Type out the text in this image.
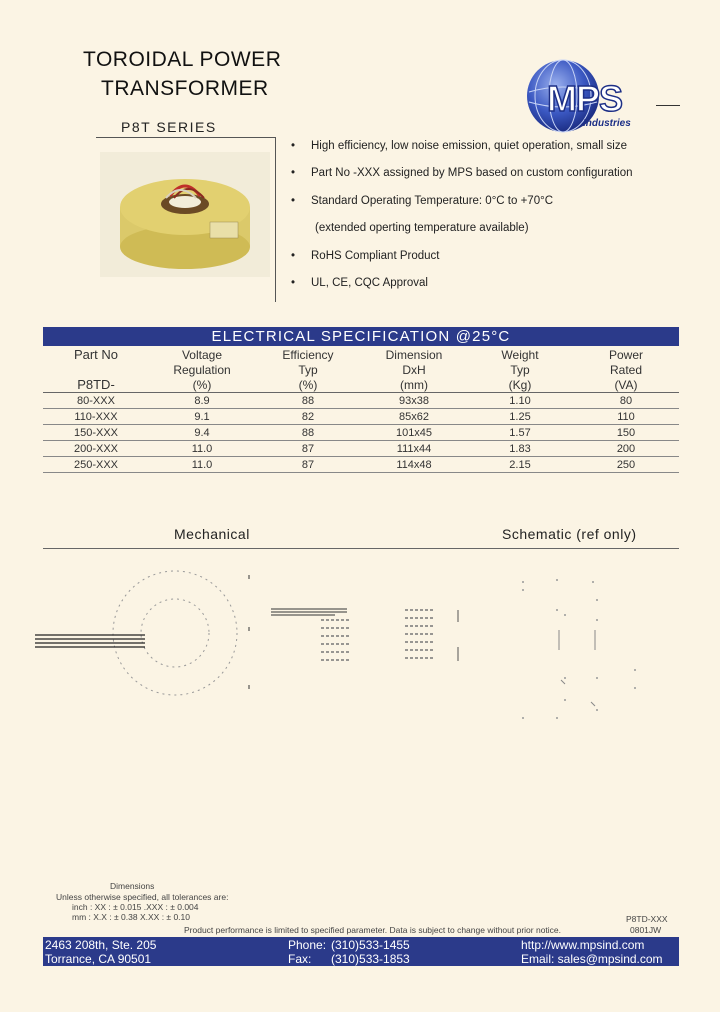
TOROIDAL POWER
TRANSFORMER	MPS
Industries
P8T SERIES
• High efficiency, low noise emission, quiet operation, small size
• Part No -XXX assigned by MPS based on custom configuration
• Standard Operating Temperature: 0°C to +70°C
(extended operting temperature available)
• RoHS Compliant Product
• UL, CE, CQC Approval
ELECTRICAL SPECIFICATION @25°C
Part No	Voltage	Efficiency	Dimension	Weight	Power
	Regulation	Typ	DxH	Typ	Rated
P8TD-	(%)	(%)	(mm)	(Kg)	(VA)
80-XXX	8.9	88	93x38	1.10	80
110-XXX	9.1	82	85x62	1.25	110
150-XXX	9.4	88	101x45	1.57	150
200-XXX	11.0	87	111x44	1.83	200
250-XXX	11.0	87	114x48	2.15	250
Mechanical	Schematic (ref only)
Dimensions
Unless otherwise specified, all tolerances are:
inch : XX : ± 0.015 .XXX : ± 0.004
mm : X.X : ± 0.38 X.XX : ± 0.10
Product performance is limited to specified parameter. Data is subject to change without prior notice.
P8TD-XXX
0801JW
2463 208th, Ste. 205
Torrance, CA 90501
Phone: (310)533-1455
Fax: (310)533-1853
http://www.mpsind.com
Email: sales@mpsind.com
